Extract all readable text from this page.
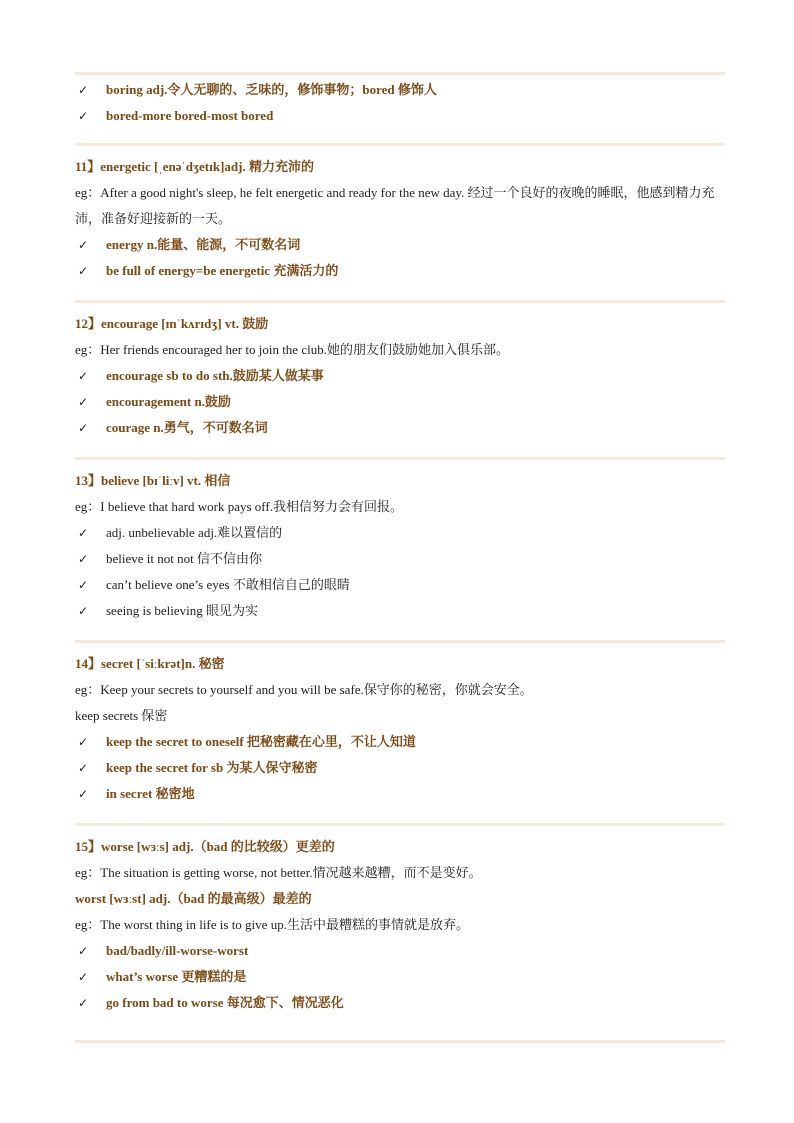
✓	boring adj.令人无聊的、乏味的，修饰事物；bored 修饰人
✓	bored-more bored-most bored
11】energetic [ˌenəˈdʒetɪk]adj. 精力充沛的
eg：After a good night's sleep, he felt energetic and ready for the new day. 经过一个良好的夜晚的睡眠，他感到精力充沛，准备好迎接新的一天。
✓	energy n.能量、能源，不可数名词
✓	be full of energy=be energetic 充满活力的
12】encourage [ɪnˈkʌrɪdʒ] vt. 鼓励
eg：Her friends encouraged her to join the club.她的朋友们鼓励她加入俱乐部。
✓	encourage sb to do sth.鼓励某人做某事
✓	encouragement n.鼓励
✓	courage n.勇气，不可数名词
13】believe [bɪˈliːv] vt. 相信
eg：I believe that hard work pays off.我相信努力会有回报。
✓	adj. unbelievable adj.难以置信的
✓	believe it not not 信不信由你
✓	can’t believe one’s eyes 不敢相信自己的眼睛
✓	seeing is believing 眼见为实
14】secret [ˈsiːkrət]n. 秘密
eg：Keep your secrets to yourself and you will be safe.保守你的秘密，你就会安全。
keep secrets 保密
✓	keep the secret to oneself 把秘密藏在心里，不让人知道
✓	keep the secret for sb 为某人保守秘密
✓	in secret 秘密地
15】worse [wɜːs] adj.（bad 的比较级）更差的
eg：The situation is getting worse, not better.情况越来越糟，而不是变好。
worst [wɜːst] adj.（bad 的最高级）最差的
eg：The worst thing in life is to give up.生活中最糟糕的事情就是放弃。
✓	bad/badly/ill-worse-worst
✓	what’s worse 更糟糕的是
✓	go from bad to worse 每况愈下、情况恶化
